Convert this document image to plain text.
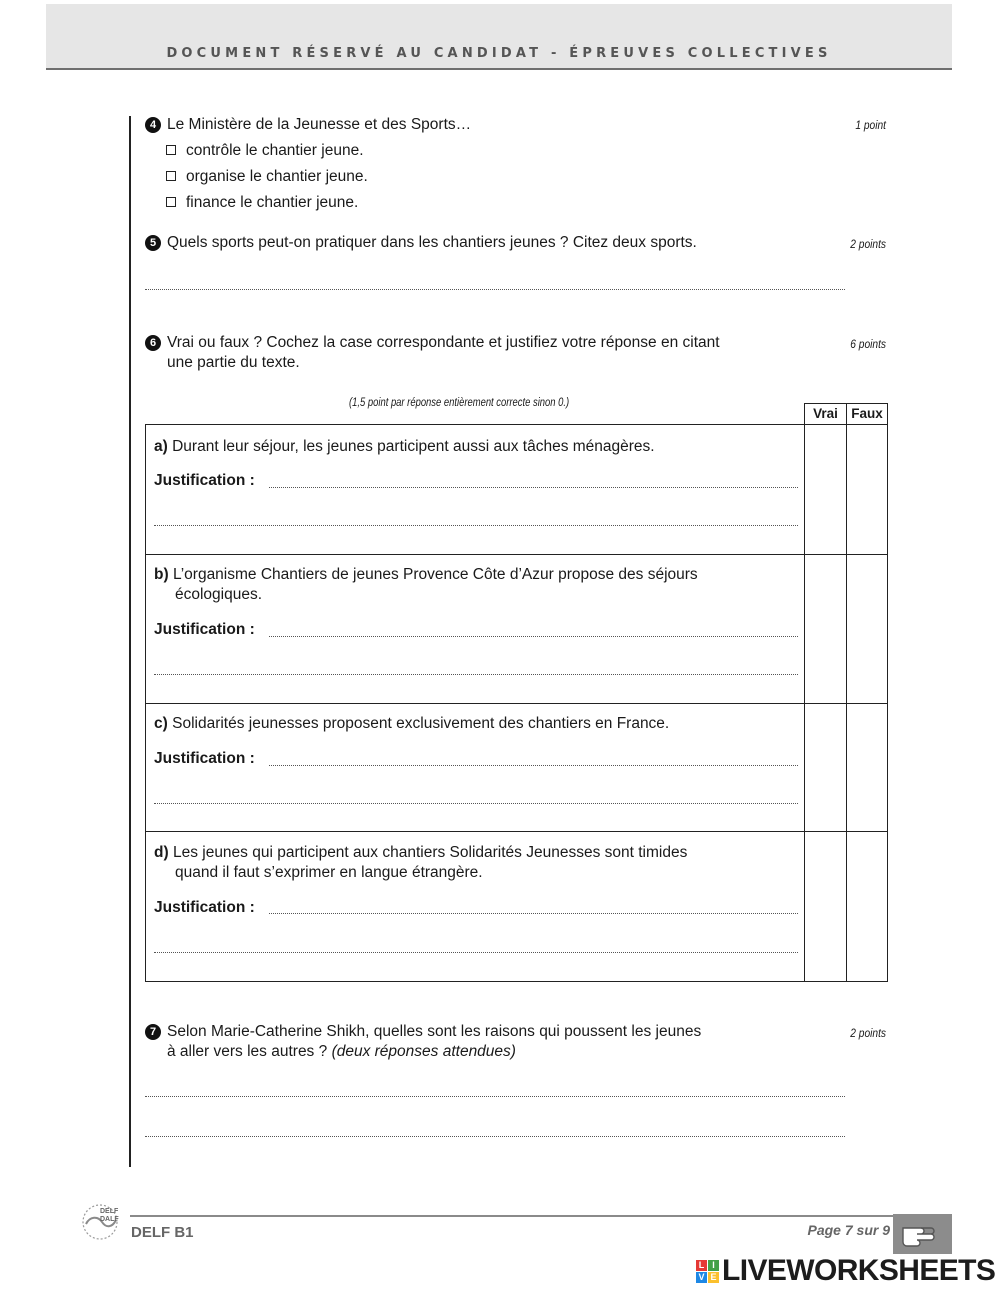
DOCUMENT RÉSERVÉ AU CANDIDAT - ÉPREUVES COLLECTIVES
4 Le Ministère de la Jeunesse et des Sports…	1 point
contrôle le chantier jeune.
organise le chantier jeune.
finance le chantier jeune.
5 Quels sports peut-on pratiquer dans les chantiers jeunes ? Citez deux sports.	2 points
6 Vrai ou faux ? Cochez la case correspondante et justifiez votre réponse en citant
une partie du texte.
6 points
(1,5 point par réponse entièrement correcte sinon 0.)
Vrai Faux
a) Durant leur séjour, les jeunes participent aussi aux tâches ménagères.
Justification :
b) L’organisme Chantiers de jeunes Provence Côte d’Azur propose des séjours
écologiques.
Justification :
c) Solidarités jeunesses proposent exclusivement des chantiers en France.
Justification :
d) Les jeunes qui participent aux chantiers Solidarités Jeunesses sont timides
quand il faut s’exprimer en langue étrangère.
Justification :
7 Selon Marie-Catherine Shikh, quelles sont les raisons qui poussent les jeunes
à aller vers les autres ? (deux réponses attendues)
2 points
DELF DALF
DELF B1	Page 7 sur 9
L I
V E LIVEWORKSHEETS
